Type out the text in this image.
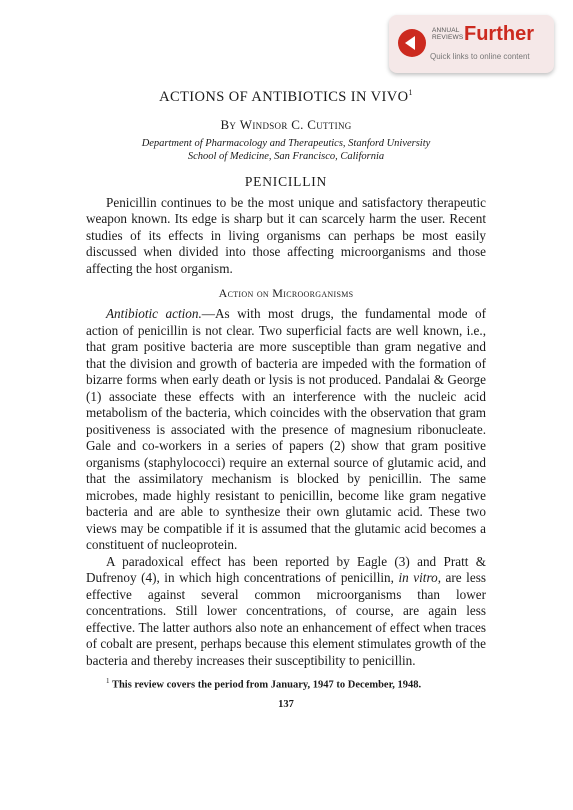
ANNUAL
REVIEWS Further
Quick links to online content
ACTIONS OF ANTIBIOTICS IN VIVO$^1$
By Windsor C. Cutting
Department of Pharmacology and Therapeutics, Stanford University
School of Medicine, San Francisco, California
PENICILLIN

Penicillin continues to be the most unique and satisfactory therapeutic weapon known. Its edge is sharp but it can scarcely harm the user. Recent studies of its effects in living organisms can perhaps be most easily discussed when divided into those affecting microorganisms and those affecting the host organism.

Action on Microorganisms

Antibiotic action.—As with most drugs, the fundamental mode of action of penicillin is not clear. Two superficial facts are well known, i.e., that gram positive bacteria are more susceptible than gram negative and that the division and growth of bacteria are impeded with the formation of bizarre forms when early death or lysis is not produced. Pandalai & George (1) associate these effects with an interference with the nucleic acid metabolism of the bacteria, which coincides with the observation that gram positiveness is associated with the presence of magnesium ribonucleate. Gale and co-workers in a series of papers (2) show that gram positive organisms (staphylococci) require an external source of glutamic acid, and that the assimilatory mechanism is blocked by penicillin. The same microbes, made highly resistant to penicillin, become like gram negative bacteria and are able to synthesize their own glutamic acid. These two views may be compatible if it is assumed that the glutamic acid becomes a constituent of nucleoprotein.

A paradoxical effect has been reported by Eagle (3) and Pratt & Dufrenoy (4), in which high concentrations of penicillin, in vitro, are less effective against several common microorganisms than lower concentrations. Still lower concentrations, of course, are again less effective. The latter authors also note an enhancement of effect when traces of cobalt are present, perhaps because this element stimulates growth of the bacteria and thereby increases their susceptibility to penicillin.

$^1$ This review covers the period from January, 1947 to December, 1948.
137
